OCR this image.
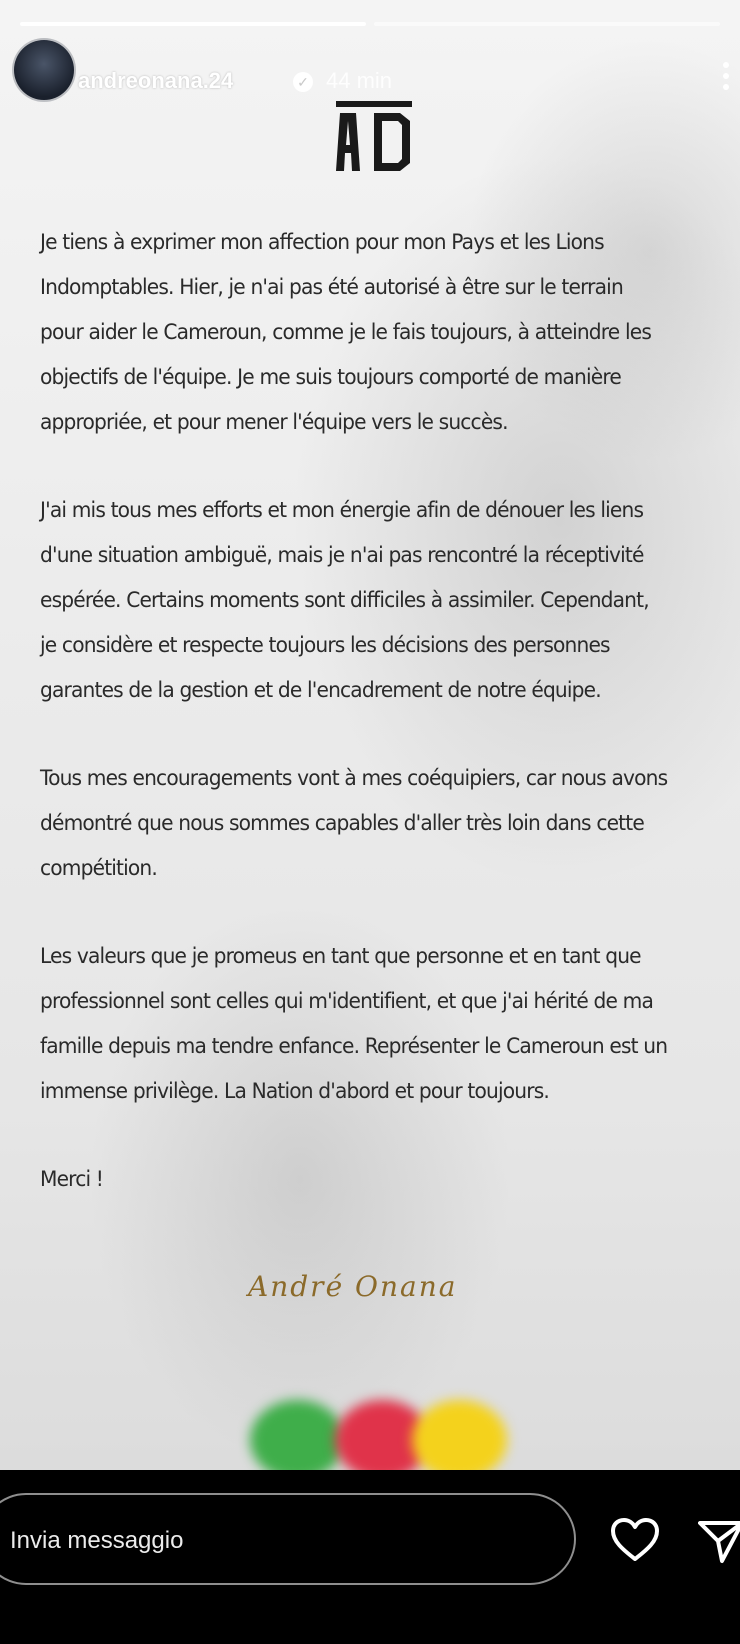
andreonana.24	✓ 44 min

Je tiens à exprimer mon affection pour mon Pays et les Lions Indomptables. Hier, je n'ai pas été autorisé à être sur le terrain pour aider le Cameroun, comme je le fais toujours, à atteindre les objectifs de l'équipe. Je me suis toujours comporté de manière appropriée, et pour mener l'équipe vers le succès.

J'ai mis tous mes efforts et mon énergie afin de dénouer les liens d'une situation ambiguë, mais je n'ai pas rencontré la réceptivité espérée. Certains moments sont difficiles à assimiler. Cependant, je considère et respecte toujours les décisions des personnes garantes de la gestion et de l'encadrement de notre équipe.

Tous mes encouragements vont à mes coéquipiers, car nous avons démontré que nous sommes capables d'aller très loin dans cette compétition.

Les valeurs que je promeus en tant que personne et en tant que professionnel sont celles qui m'identifient, et que j'ai hérité de ma famille depuis ma tendre enfance. Représenter le Cameroun est un immense privilège. La Nation d'abord et pour toujours.

Merci !

André Onana
Invia messaggio
